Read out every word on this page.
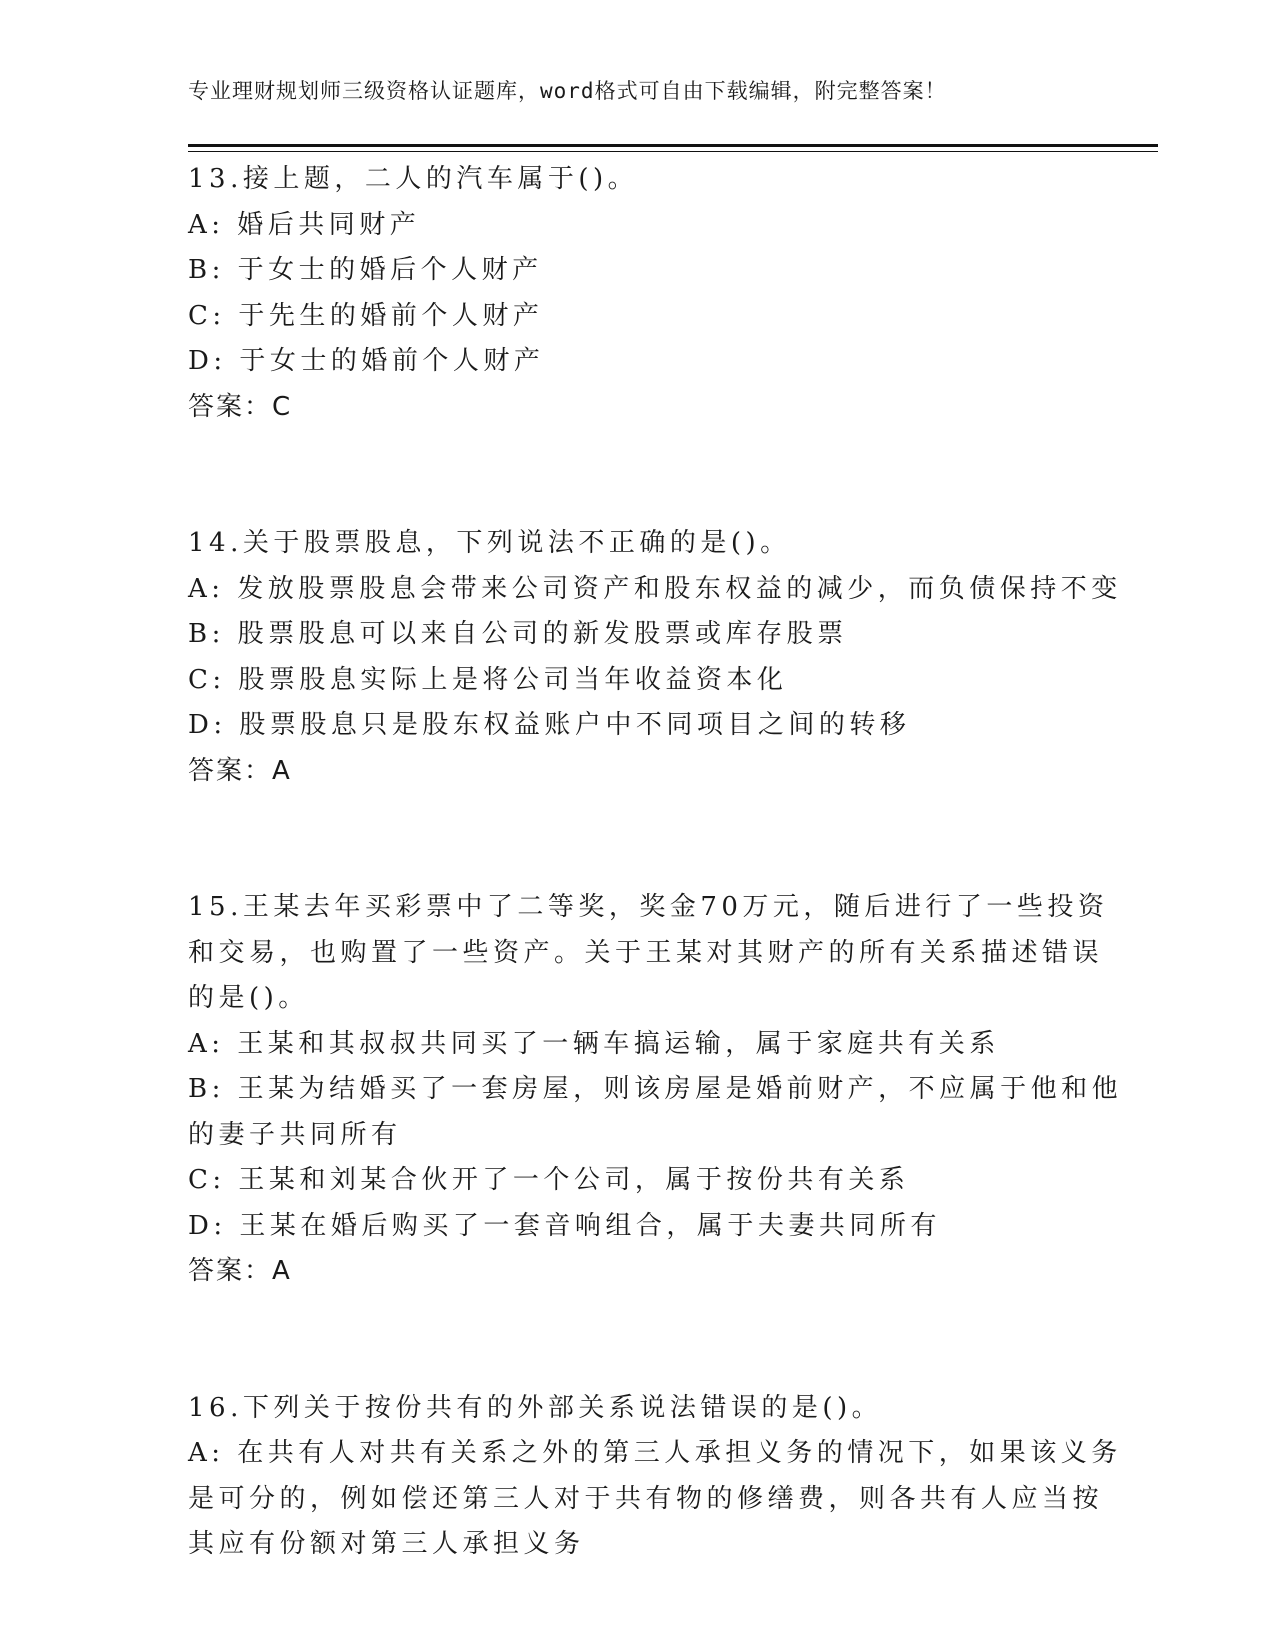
专业理财规划师三级资格认证题库，word格式可自由下载编辑，附完整答案！
13.接上题，二人的汽车属于()。
A: 婚后共同财产
B: 于女士的婚后个人财产
C: 于先生的婚前个人财产
D: 于女士的婚前个人财产
答案：C
14.关于股票股息，下列说法不正确的是()。
A: 发放股票股息会带来公司资产和股东权益的减少，而负债保持不变
B: 股票股息可以来自公司的新发股票或库存股票
C: 股票股息实际上是将公司当年收益资本化
D: 股票股息只是股东权益账户中不同项目之间的转移
答案：A
15.王某去年买彩票中了二等奖，奖金70万元，随后进行了一些投资
和交易，也购置了一些资产。关于王某对其财产的所有关系描述错误
的是()。
A: 王某和其叔叔共同买了一辆车搞运输，属于家庭共有关系
B: 王某为结婚买了一套房屋，则该房屋是婚前财产，不应属于他和他
的妻子共同所有
C: 王某和刘某合伙开了一个公司，属于按份共有关系
D: 王某在婚后购买了一套音响组合，属于夫妻共同所有
答案：A
16.下列关于按份共有的外部关系说法错误的是()。
A: 在共有人对共有关系之外的第三人承担义务的情况下，如果该义务
是可分的，例如偿还第三人对于共有物的修缮费，则各共有人应当按
其应有份额对第三人承担义务
